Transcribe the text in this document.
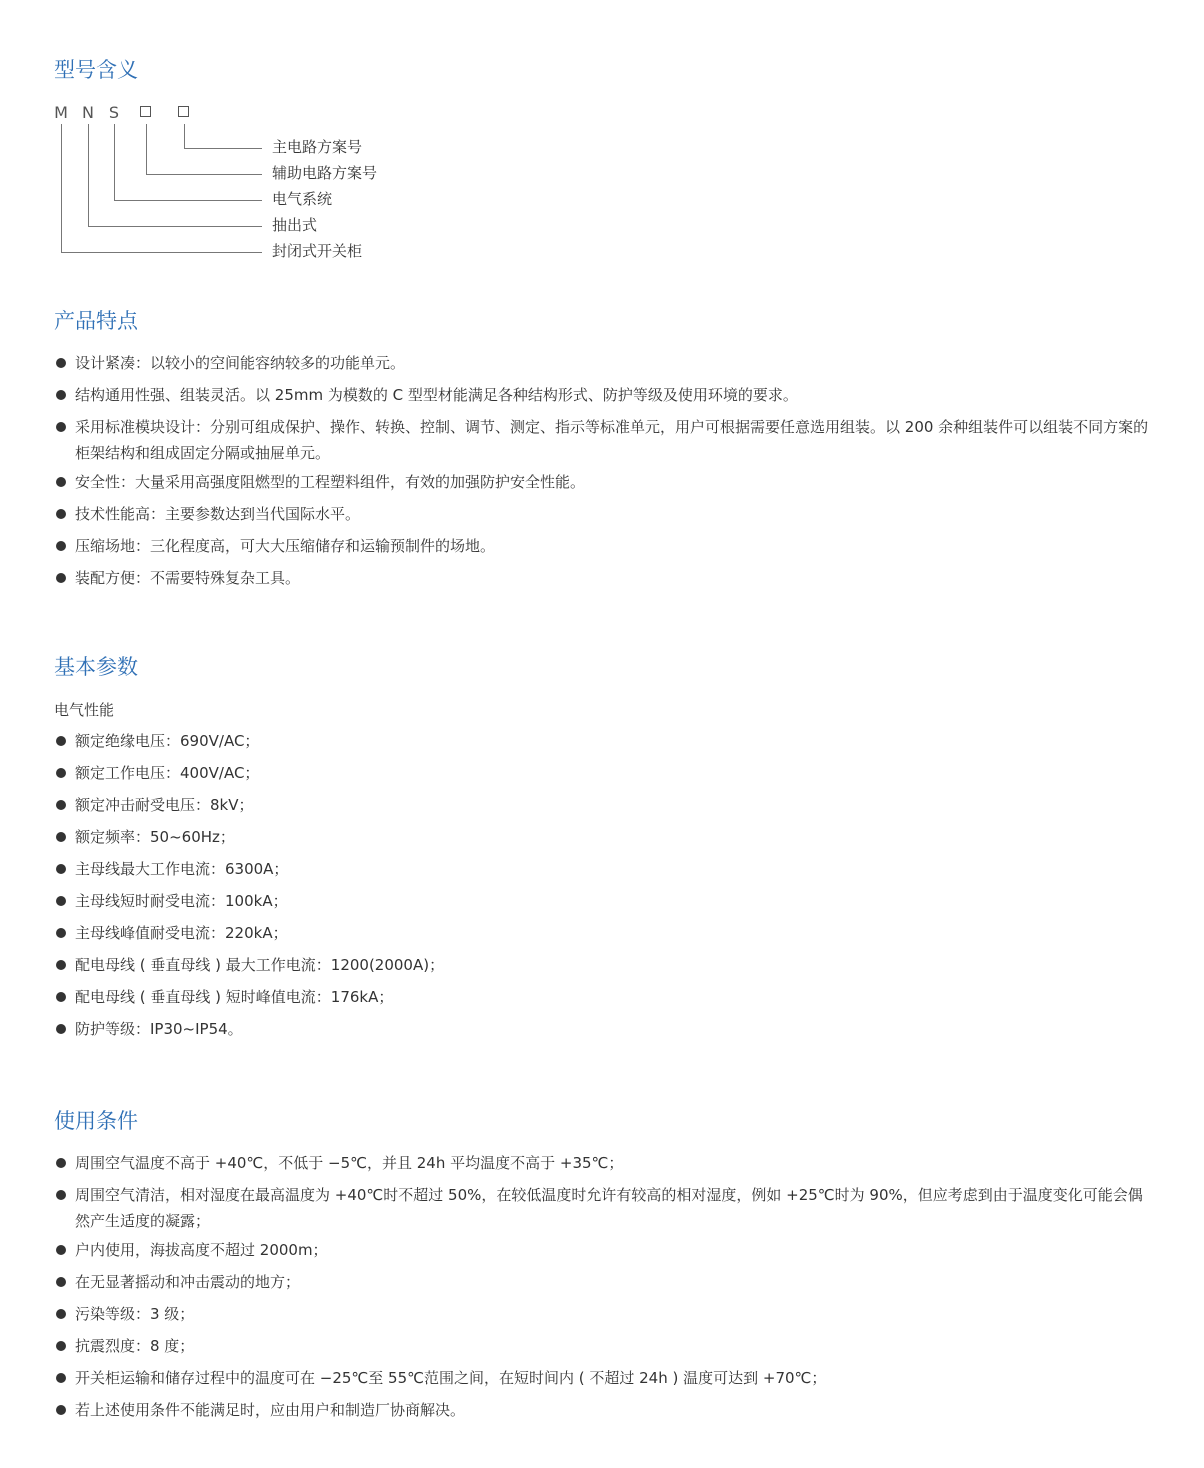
型号含义
M N S
主电路方案号
辅助电路方案号
电气系统
抽出式
封闭式开关柜
产品特点
设计紧凑：以较小的空间能容纳较多的功能单元。
结构通用性强、组装灵活。以 25mm 为模数的 C 型型材能满足各种结构形式、防护等级及使用环境的要求。
采用标准模块设计：分别可组成保护、操作、转换、控制、调节、测定、指示等标准单元，用户可根据需要任意选用组装。以 200 余种组装件可以组装不同方案的柜架结构和组成固定分隔或抽屉单元。
安全性：大量采用高强度阻燃型的工程塑料组件，有效的加强防护安全性能。
技术性能高：主要参数达到当代国际水平。
压缩场地：三化程度高，可大大压缩储存和运输预制件的场地。
装配方便：不需要特殊复杂工具。
基本参数
电气性能
额定绝缘电压：690V/AC；
额定工作电压：400V/AC；
额定冲击耐受电压：8kV；
额定频率：50~60Hz；
主母线最大工作电流：6300A；
主母线短时耐受电流：100kA；
主母线峰值耐受电流：220kA；
配电母线 ( 垂直母线 ) 最大工作电流：1200(2000A)；
配电母线 ( 垂直母线 ) 短时峰值电流：176kA；
防护等级：IP30~IP54。
使用条件
周围空气温度不高于 +40℃，不低于 −5℃，并且 24h 平均温度不高于 +35℃；
周围空气清洁，相对湿度在最高温度为 +40℃时不超过 50%，在较低温度时允许有较高的相对湿度，例如 +25℃时为 90%，但应考虑到由于温度变化可能会偶然产生适度的凝露；
户内使用，海拔高度不超过 2000m；
在无显著摇动和冲击震动的地方；
污染等级：3 级；
抗震烈度：8 度；
开关柜运输和储存过程中的温度可在 −25℃至 55℃范围之间，在短时间内 ( 不超过 24h ) 温度可达到 +70℃；
若上述使用条件不能满足时，应由用户和制造厂协商解决。
